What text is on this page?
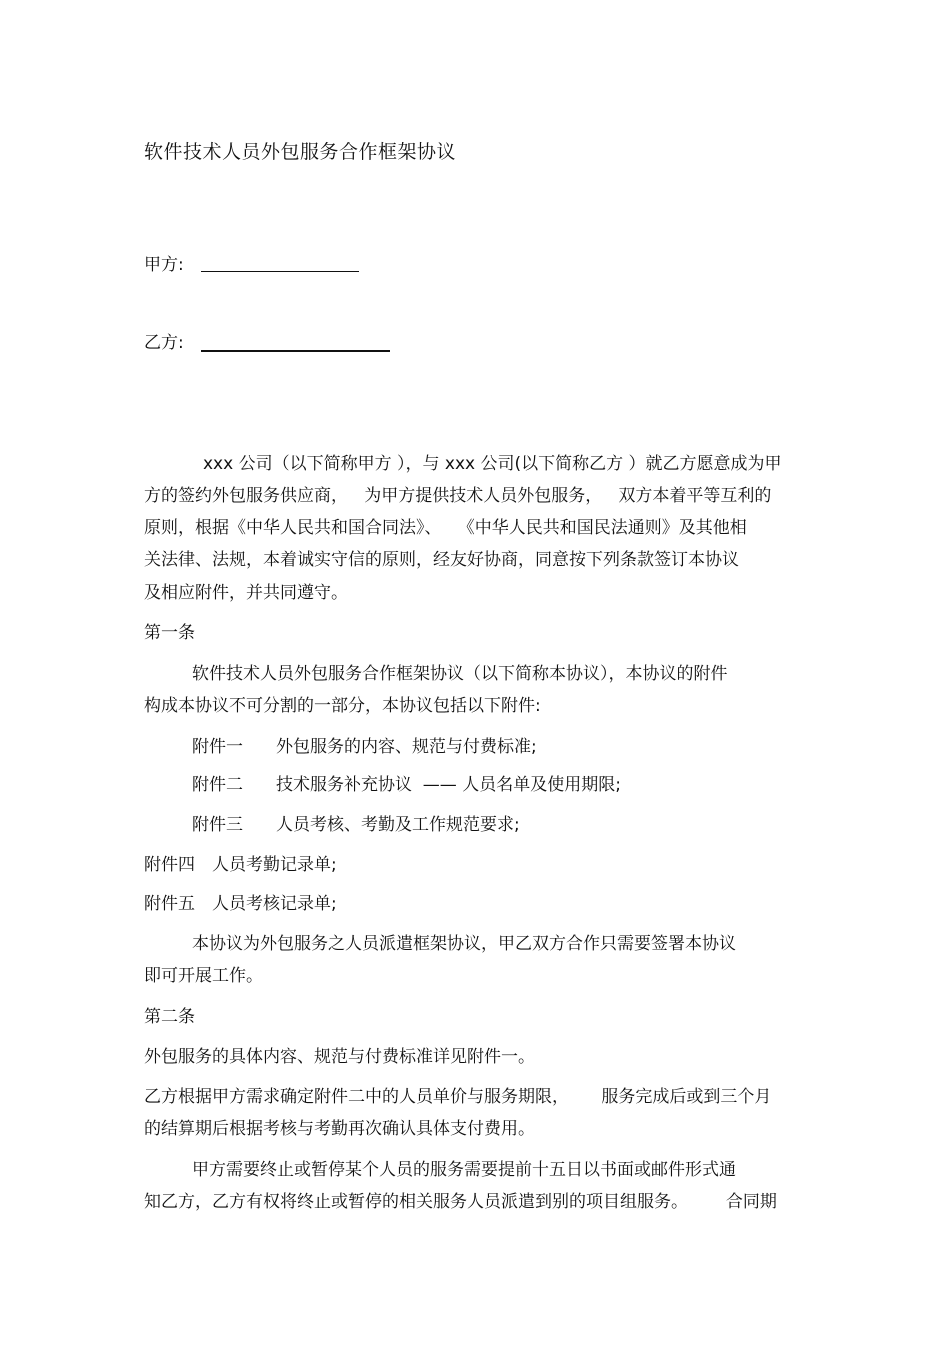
软件技术人员外包服务合作框架协议
甲方:
乙方:
xxx 公司（以下简称甲方 ），与 xxx 公司(以下简称乙方 ）就乙方愿意成为甲
方的签约外包服务供应商，   为甲方提供技术人员外包服务，   双方本着平等互利的
原则，根据《中华人民共和国合同法》、   《中华人民共和国民法通则》及其他相
关法律、法规，本着诚实守信的原则，经友好协商，同意按下列条款签订本协议
及相应附件，并共同遵守。
第一条
软件技术人员外包服务合作框架协议（以下简称本协议），本协议的附件
构成本协议不可分割的一部分，本协议包括以下附件:
附件一 外包服务的内容、规范与付费标准;
附件二 技术服务补充协议  —— 人员名单及使用期限;
附件三 人员考核、考勤及工作规范要求;
附件四 人员考勤记录单;
附件五 人员考核记录单;
本协议为外包服务之人员派遣框架协议，甲乙双方合作只需要签署本协议
即可开展工作。
第二条
外包服务的具体内容、规范与付费标准详见附件一。
乙方根据甲方需求确定附件二中的人员单价与服务期限，      服务完成后或到三个月
的结算期后根据考核与考勤再次确认具体支付费用。
甲方需要终止或暂停某个人员的服务需要提前十五日以书面或邮件形式通
知乙方，乙方有权将终止或暂停的相关服务人员派遣到别的项目组服务。       合同期
